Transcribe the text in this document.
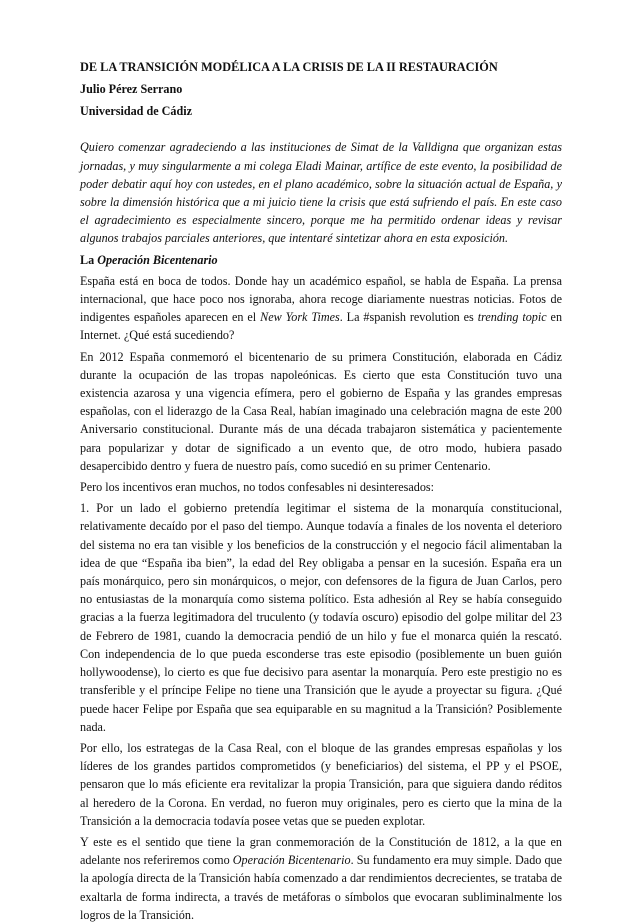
DE LA TRANSICIÓN MODÉLICA A LA CRISIS DE LA II RESTAURACIÓN
Julio Pérez Serrano
Universidad de Cádiz

Quiero comenzar agradeciendo a las instituciones de Simat de la Valldigna que organizan estas jornadas, y muy singularmente a mi colega Eladi Mainar, artífice de este evento, la posibilidad de poder debatir aquí hoy con ustedes, en el plano académico, sobre la situación actual de España, y sobre la dimensión histórica que a mi juicio tiene la crisis que está sufriendo el país. En este caso el agradecimiento es especialmente sincero, porque me ha permitido ordenar ideas y revisar algunos trabajos parciales anteriores, que intentaré sintetizar ahora en esta exposición.

La Operación Bicentenario

España está en boca de todos. Donde hay un académico español, se habla de España. La prensa internacional, que hace poco nos ignoraba, ahora recoge diariamente nuestras noticias. Fotos de indigentes españoles aparecen en el New York Times. La #spanish revolution es trending topic en Internet. ¿Qué está sucediendo?

En 2012 España conmemoró el bicentenario de su primera Constitución, elaborada en Cádiz durante la ocupación de las tropas napoleónicas. Es cierto que esta Constitución tuvo una existencia azarosa y una vigencia efímera, pero el gobierno de España y las grandes empresas españolas, con el liderazgo de la Casa Real, habían imaginado una celebración magna de este 200 Aniversario constitucional. Durante más de una década trabajaron sistemática y pacientemente para popularizar y dotar de significado a un evento que, de otro modo, hubiera pasado desapercibido dentro y fuera de nuestro país, como sucedió en su primer Centenario.

Pero los incentivos eran muchos, no todos confesables ni desinteresados:

1. Por un lado el gobierno pretendía legitimar el sistema de la monarquía constitucional, relativamente decaído por el paso del tiempo. Aunque todavía a finales de los noventa el deterioro del sistema no era tan visible y los beneficios de la construcción y el negocio fácil alimentaban la idea de que “España iba bien”, la edad del Rey obligaba a pensar en la sucesión. España era un país monárquico, pero sin monárquicos, o mejor, con defensores de la figura de Juan Carlos, pero no entusiastas de la monarquía como sistema político. Esta adhesión al Rey se había conseguido gracias a la fuerza legitimadora del truculento (y todavía oscuro) episodio del golpe militar del 23 de Febrero de 1981, cuando la democracia pendió de un hilo y fue el monarca quién la rescató. Con independencia de lo que pueda esconderse tras este episodio (posiblemente un buen guión hollywoodense), lo cierto es que fue decisivo para asentar la monarquía. Pero este prestigio no es transferible y el príncipe Felipe no tiene una Transición que le ayude a proyectar su figura. ¿Qué puede hacer Felipe por España que sea equiparable en su magnitud a la Transición? Posiblemente nada.

Por ello, los estrategas de la Casa Real, con el bloque de las grandes empresas españolas y los líderes de los grandes partidos comprometidos (y beneficiarios) del sistema, el PP y el PSOE, pensaron que lo más eficiente era revitalizar la propia Transición, para que siguiera dando réditos al heredero de la Corona. En verdad, no fueron muy originales, pero es cierto que la mina de la Transición a la democracia todavía posee vetas que se pueden explotar.

Y este es el sentido que tiene la gran conmemoración de la Constitución de 1812, a la que en adelante nos referiremos como Operación Bicentenario. Su fundamento era muy simple. Dado que la apología directa de la Transición había comenzado a dar rendimientos decrecientes, se trataba de exaltarla de forma indirecta, a través de metáforas o símbolos que evocaran subliminalmente los logros de la Transición.
